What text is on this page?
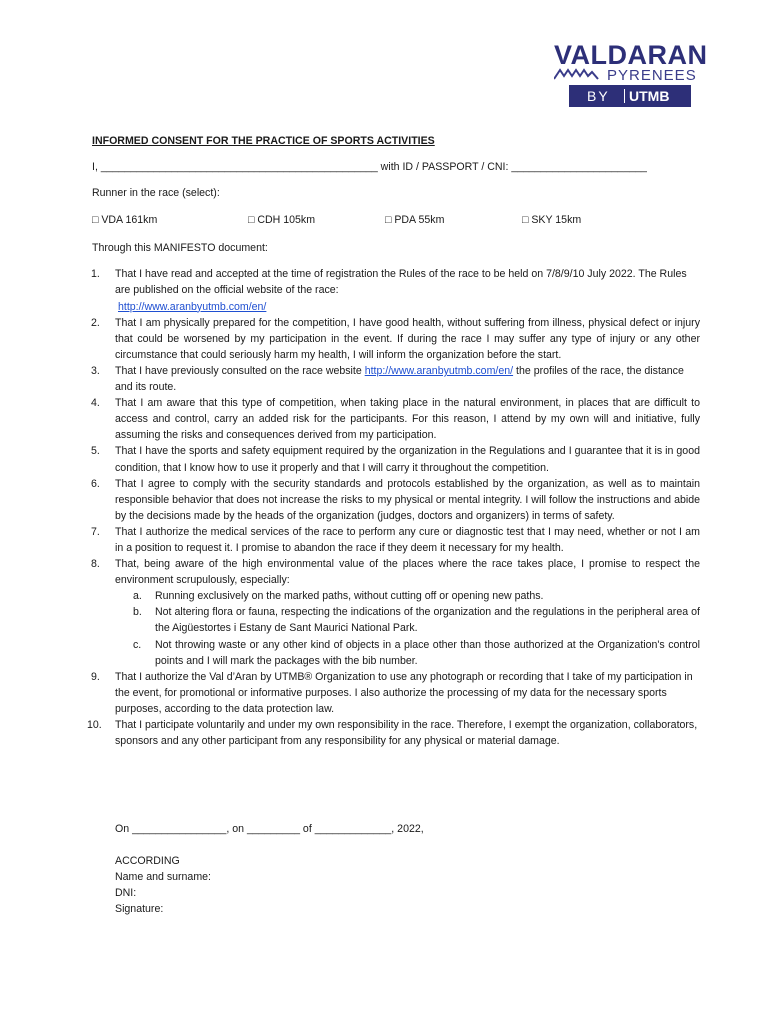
VALDARAN
PYRENEES
BY UTMB

INFORMED CONSENT FOR THE PRACTICE OF SPORTS ACTIVITIES

I, _______________________________________________ with ID / PASSPORT / CNI: _______________________

Runner in the race (select):

□ VDA 161km	□ CDH 105km	□ PDA 55km	□ SKY 15km

Through this MANIFESTO document:

1. That I have read and accepted at the time of registration the Rules of the race to be held on 7/8/9/10 July 2022. The Rules are published on the official website of the race:
http://www.aranbyutmb.com/en/
2. That I am physically prepared for the competition, I have good health, without suffering from illness, physical defect or injury that could be worsened by my participation in the event. If during the race I may suffer any type of injury or any other circumstance that could seriously harm my health, I will inform the organization before the start.
3. That I have previously consulted on the race website http://www.aranbyutmb.com/en/ the profiles of the race, the distance and its route.
4. That I am aware that this type of competition, when taking place in the natural environment, in places that are difficult to access and control, carry an added risk for the participants. For this reason, I attend by my own will and initiative, fully assuming the risks and consequences derived from my participation.
5. That I have the sports and safety equipment required by the organization in the Regulations and I guarantee that it is in good condition, that I know how to use it properly and that I will carry it throughout the competition.
6. That I agree to comply with the security standards and protocols established by the organization, as well as to maintain responsible behavior that does not increase the risks to my physical or mental integrity. I will follow the instructions and abide by the decisions made by the heads of the organization (judges, doctors and organizers) in terms of safety.
7. That I authorize the medical services of the race to perform any cure or diagnostic test that I may need, whether or not I am in a position to request it. I promise to abandon the race if they deem it necessary for my health.
8. That, being aware of the high environmental value of the places where the race takes place, I promise to respect the environment scrupulously, especially:
a. Running exclusively on the marked paths, without cutting off or opening new paths.
b. Not altering flora or fauna, respecting the indications of the organization and the regulations in the peripheral area of the Aigüestortes i Estany de Sant Maurici National Park.
c. Not throwing waste or any other kind of objects in a place other than those authorized at the Organization's control points and I will mark the packages with the bib number.
9. That I authorize the Val d’Aran by UTMB® Organization to use any photograph or recording that I take of my participation in the event, for promotional or informative purposes. I also authorize the processing of my data for the necessary sports purposes, according to the data protection law.
10. That I participate voluntarily and under my own responsibility in the race. Therefore, I exempt the organization, collaborators, sponsors and any other participant from any responsibility for any physical or material damage.

On ________________, on _________ of _____________, 2022,

ACCORDING

Name and surname:

DNI:

Signature:
